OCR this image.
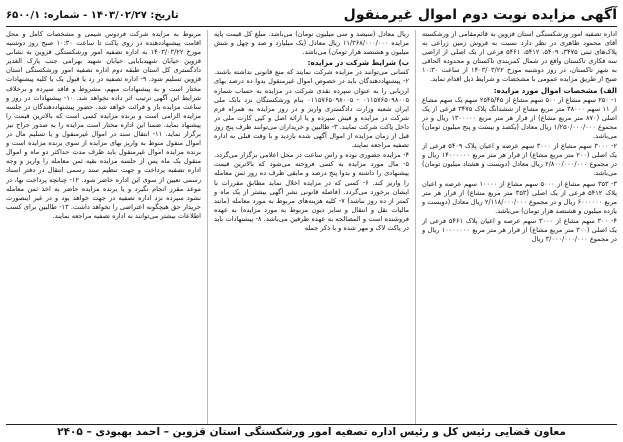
آگهی مزایده نوبت دوم اموال غیرمنقول
تاریخ: ۱۴۰۳/۰۲/۲۷ - شماره: ۶۵۰۰/۱

اداره تصفیه امور ورشکستگی استان قزوین به قائم‌مقامی از ورشکسته آقای محمود طاهری در نظر دارد نسبت به فروش زمین زراعی به پلاک‌های ثبتی ۳۴۷۵، ۵۴۰۹، ۵۴۱۲، ۵۴۶۱ فرعی از یک اصلی از اراضی سه‌ فکاری تاکستان واقع در شمال کمربندی تاکستان و محدوده الحاقی به شهر تاکستان، در روز دوشنبه مورخ ۱۴۰۳/۰۳/۲۲ از ساعت ۱۰:۳۰ صبح از طریق مزایده عمومی با مشخصات و شرایط ذیل اقدام نماید.

الف) مشخصات اموال مورد مزایده:

۱- ۲۵۰ سهم مشاع از ۵۰۰ سهم مشاع از ۲۵۴۵/۴۵ سهم یک سهم مشاع از ۱۱ سهم ۳۸۰۰۰ متر مربع مشاع از ششدانگ پلاک ۳۴۷۵ فرعی از یک اصلی (۸۷۰ متر مربع مشاع) از قرار هر متر مربع ۱۳۰۰۰۰۰ ریال و در مجموع ۱/۲۵۰/۰۰۰/۰۰۰ ریال معادل (یکصد و بیست و پنج میلیون تومان) می‌باشد.

۲- ۳۰۰۰ سهم مشاع از ۳۰۰۰ سهم عرصه و اعیان پلاک ۵۴۰۹ فرعی از یک اصلی (۲۰۰ متر مربع مشاع) از قرار هر متر مربع ۱۴۰۰۰۰۰۰ ریال و در مجموع ۲/۸۰۰/۰۰۰/۰۰۰ ریال معادل (دویست و هشتاد میلیون تومان) می‌باشد.

۳- ۳۵۳ سهم مشاع از ۵۰۰۰ سهم مشاع از ۱۰۰۰۰ سهم عرصه و اعیان پلاک ۵۴۱۲ فرعی از یک اصلی (۳۵۳ متر مربع مشاع) از قرار هر متر مربع ۶۰۰۰۰۰۰ ریال و در مجموع ۲/۱۱۸/۰۰۰/۰۰۰ ریال معادل (دویست و یازده میلیون و هشتصد هزار تومان) می‌باشد.

۴- ۳۰۰ سهم مشاع از ۳۰۰۰ سهم عرصه و اعیان پلاک ۵۴۶۱ فرعی از یک اصلی (۳۰۰ متر مربع مشاع) از قرار هر متر مربع ۱۰۰۰۰۰۰۰ ریال و در مجموع ۳/۰۰۰/۰۰۰/۰۰۰ ریال

ریال معادل (سیصد و سی میلیون تومان) می‌باشد. مبلغ کل قیمت پایه مزایده ۱۱/۳۶۸/۰۰۰/۰۰۰ ریال معادل (یک میلیارد و صد و چهل و شش میلیون و هشتصد هزار تومان) می‌باشد.

ب) شرایط شرکت در مزایده:

کسانی می‌توانند در مزایده شرکت نمایند که منع قانونی نداشته باشند. ۲- پیشنهاددهندگان باید در خصوص اموال غیرمنقول بدوا ده درصد بهای ارزیابی را به عنوان سپرده نقدی شرکت در مزایده به حساب شماره ۰۱۱۵۷۶۵۰۹۸۰۰۵ - ۰۱۱۵۷۶۵۰۹۸۰۰۵ بنام ورشکستگان نزد بانک ملی ایران شعبه وزارت دادگستری واریز و در روز مزایده به همراه فرم شرکت در مزایده و فیش سپرده و یا ارائه اصل و کپی کارت ملی در داخل پاکت شرکت نمایند. ۳- طالبین و خریداران می‌توانند ظرف پنج روز قبل از زمان مزایده از اموال آگهی شده بازدید و با وقت قبلی به اداره تصفیه مراجعه نمایند.

۴- مزایده حضوری بوده و راس ساعت در محل اعلامی برگزار می‌گردد. ۵- مال مورد مزایده به کسی فروخته می‌شود که بالاترین قیمت پیشنهادی را داشته و بدوا پنج درصد و مابقی ظرف ده روز ثمن معامله را واریز کند. ۶- کسی که در مزایده اخلال نماید مطابق مقررات با ایشان برخورد می‌گردد. (فاصله قانونی نشر آگهی بیشتر از یک ماه و کمتر از ده روز نباشد) ۷- کلیه هزینه‌های مربوط به مورد معامله (مانند مالیات نقل و انتقال و سایر دیون مربوط به مورد مزایده) به عهده فروشنده است و المصالحه به عهده طرفین می‌باشد. ۸- پیشنهادات باید در پاکت لاک و مهر شده و با ذکر جمله

مربوط به مزایده شرکت فردوس شیمی و مشخصات کامل و محل اقامت پیشنهاددهنده در روی پاکت تا ساعت ۱۰:۳۰ صبح روز دوشنبه مورخ ۱۴۰۳/۰۳/۲۲ به اداره تصفیه امور ورشکستگی قزوین به نشانی قزوین خیابان شهیدبابایی خیابان شهید بهرامی جنب پارک الغدیر دادگستری کل استان طبقه دوم اداره تصفیه امور ورشکستگی استان قزوین تسلیم شود. ۹- اداره تصفیه در رد یا قبول یک یا کلیه پیشنهادات مختار است و به پیشنهادات مبهم، مشروط و فاقد سپرده و برخلاف شرایط این آگهی ترتیب اثر داده نخواهد شد. ۱۰- پیشنهادات در روز و ساعت مزایده باز و قرائت خواهد شد. حضور پیشنهاددهندگان در جلسه مزایده الزامی است و برنده مزایده کسی است که بالاترین قیمت را پیشنهاد نماید. ضمنا این اداره مختار است مزایده را به صدور حراج نیز برگزار نماید. ۱۱- انتقال سند در اموال غیرمنقول و یا تسلیم مال در اموال منقول منوط به واریز بهای مزایده از سوی برنده مزایده است و برنده مزایده اموال غیرمنقول باید ظرف مدت حداکثر دو ماه و اموال منقول یک ماه پس از جلسه مزایده بقیه ثمن معامله را واریز و وجه اداره تصفیه پرداخت و جهت تنظیم سند رسمی انتقال در دفتر اسناد رسمی تعیین از سوی این اداره حاضر شود. ۱۲- چنانچه پرداخت بها، در موعد مقرر انجام نگیرد و یا برنده مزایده حاضر به اخذ ثمن معامله نشود سپرده نزد اداره تصفیه در جهت خواهد بود و در غیر اینصورت خریدار حق هیچگونه اعتراضی را نخواهد داشت. ۱۳- طالبین برای کسب اطلاعات بیشتر می‌توانند به اداره تصفیه مراجعه نمایند.

معاون قضایی رئیس کل و رئیس اداره تصفیه امور ورشکستگی استان قزوین – احمد بهبودی – ۲۴۰۵
